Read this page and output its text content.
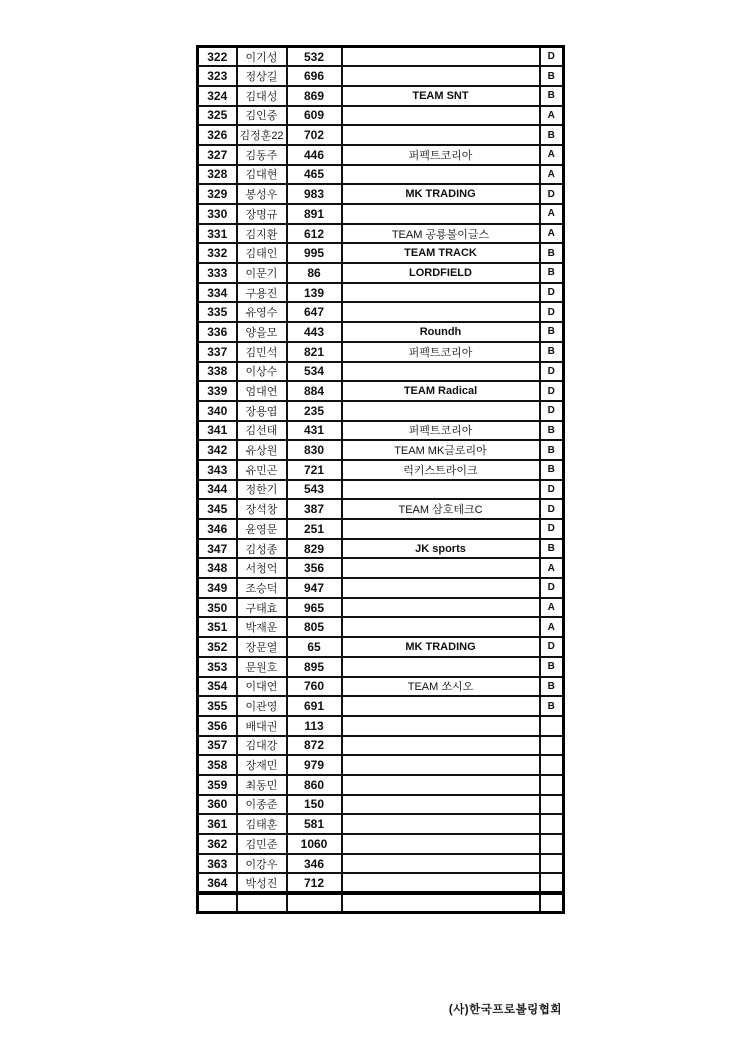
322	이기성	532		D
323	정상길	696		B
324	김대성	869	TEAM SNT	B
325	김인중	609		A
326	김정훈22	702		B
327	김동주	446	퍼펙트코리아	A
328	김대현	465		A
329	봉성우	983	MK TRADING	D
330	장명규	891		A
331	김지환	612	TEAM 공룡볼이글스	A
332	김태인	995	TEAM TRACK	B
333	이문기	86	LORDFIELD	B
334	구용진	139		D
335	유영수	647		D
336	양을모	443	Roundh	B
337	김민석	821	퍼펙트코리아	B
338	이상수	534		D
339	엄대연	884	TEAM Radical	D
340	장용엽	235		D
341	김선태	431	퍼펙트코리아	B
342	유상원	830	TEAM MK글로리아	B
343	유민곤	721	럭키스트라이크	B
344	정한기	543		D
345	장석창	387	TEAM 삼호테크C	D
346	윤영문	251		D
347	김성종	829	JK sports	B
348	서청억	356		A
349	조승덕	947		D
350	구태효	965		A
351	박재운	805		A
352	장문열	65	MK TRADING	D
353	문원호	895		B
354	이대연	760	TEAM 쏘시오	B
355	이관영	691		B
356	배대권	113		
357	김대강	872		
358	장재민	979		
359	최동민	860		
360	이종준	150		
361	김태훈	581		
362	김민준	1060		
363	이강우	346		
364	박성진	712		

(사)한국프로볼링협회
